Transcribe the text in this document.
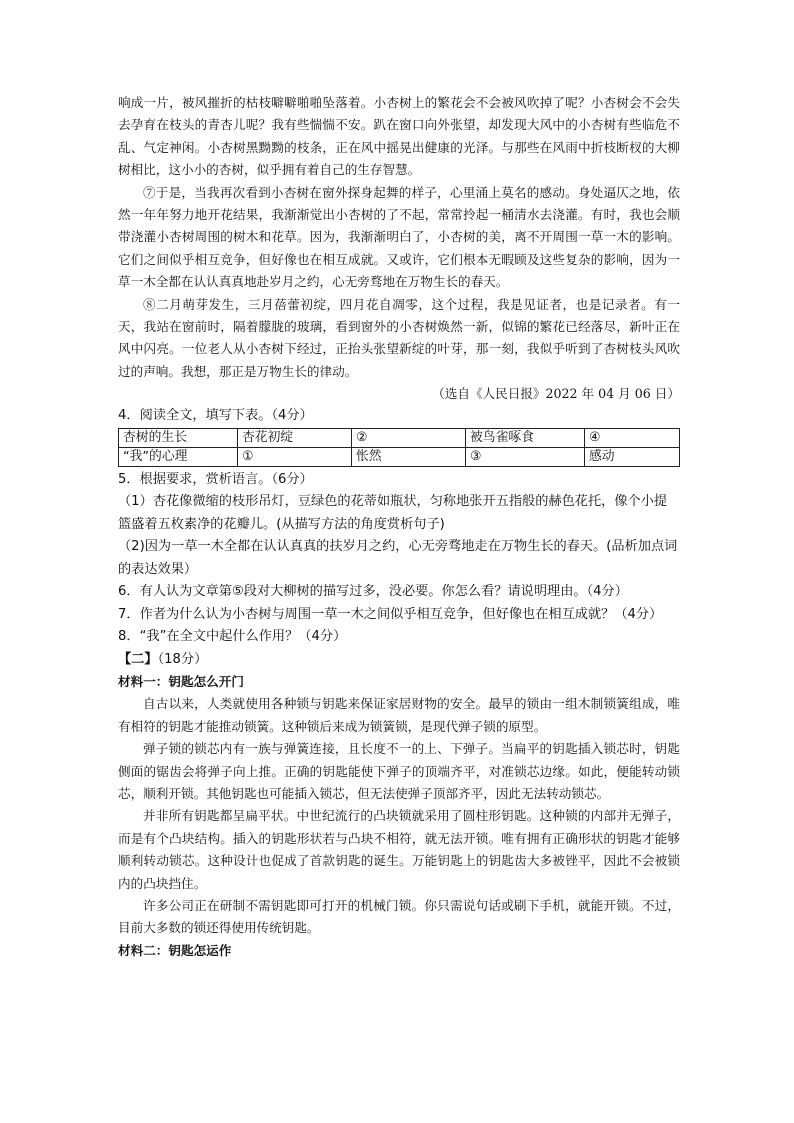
响成一片，被风摧折的枯枝噼噼啪啪坠落着。小杏树上的繁花会不会被风吹掉了呢？小杏树会不会失去孕育在枝头的青杏儿呢？我有些惴惴不安。趴在窗口向外张望，却发现大风中的小杏树有些临危不乱、气定神闲。小杏树黑黝黝的枝条，正在风中摇晃出健康的光泽。与那些在风雨中折枝断杈的大柳树相比，这小小的杏树，似乎拥有着自己的生存智慧。

⑦于是，当我再次看到小杏树在窗外探身起舞的样子，心里涌上莫名的感动。身处逼仄之地，依然一年年努力地开花结果，我渐渐觉出小杏树的了不起，常常拎起一桶清水去浇灌。有时，我也会顺带浇灌小杏树周围的树木和花草。因为，我渐渐明白了，小杏树的美，离不开周围一草一木的影响。它们之间似乎相互竞争，但好像也在相互成就。又或许，它们根本无暇顾及这些复杂的影响，因为一草一木全都在认认真真地赴岁月之约，心无旁骛地在万物生长的春天。

⑧二月萌芽发生，三月蓓蕾初绽，四月花自凋零，这个过程，我是见证者，也是记录者。有一天，我站在窗前时，隔着朦胧的玻璃，看到窗外的小杏树焕然一新，似锦的繁花已经落尽，新叶正在风中闪亮。一位老人从小杏树下经过，正抬头张望新绽的叶芽，那一刻，我似乎听到了杏树枝头风吹过的声响。我想，那正是万物生长的律动。

（选自《人民日报》2022 年 04 月 06 日）

4．阅读全文，填写下表。（4分）

杏树的生长	杏花初绽	②	被鸟雀啄食	④
“我”的心理	①	怅然	③	感动

5．根据要求，赏析语言。（6分）

（1）杏花像微缩的枝形吊灯，豆绿色的花蒂如瓶状，匀称地张开五指般的赫色花托，像个小提篮盛着五枚素净的花瓣儿。(从描写方法的角度赏析句子)

（2)因为一草一木全都在认认真真的扶岁月之约，心无旁骛地走在万物生长的春天。(品析加点词的表达效果）

6．有人认为文章第⑤段对大柳树的描写过多，没必要。你怎么看？请说明理由。（4分）

7．作者为什么认为小杏树与周围一草一木之间似乎相互竞争，但好像也在相互成就？（4分）

8．“我”在全文中起什么作用？（4分）

【二】（18分）

材料一：钥匙怎么开门

自古以来，人类就使用各种锁与钥匙来保证家居财物的安全。最早的锁由一组木制锁簧组成，唯有相符的钥匙才能推动锁簧。这种锁后来成为锁簧锁，是现代弹子锁的原型。

弹子锁的锁芯内有一族与弹簧连接，且长度不一的上、下弹子。当扁平的钥匙插入锁芯时，钥匙侧面的锯齿会将弹子向上推。正确的钥匙能使下弹子的顶端齐平，对准锁芯边缘。如此，便能转动锁芯，顺利开锁。其他钥匙也可能插入锁芯，但无法使弹子顶部齐平，因此无法转动锁芯。

并非所有钥匙都呈扁平状。中世纪流行的凸块锁就采用了圆柱形钥匙。这种锁的内部并无弹子，而是有个凸块结构。插入的钥匙形状若与凸块不相符，就无法开锁。唯有拥有正确形状的钥匙才能够顺利转动锁芯。这种设计也促成了首款钥匙的诞生。万能钥匙上的钥匙齿大多被锉平，因此不会被锁内的凸块挡住。

许多公司正在研制不需钥匙即可打开的机械门锁。你只需说句话或刷下手机，就能开锁。不过，目前大多数的锁还得使用传统钥匙。

材料二：钥匙怎运作
